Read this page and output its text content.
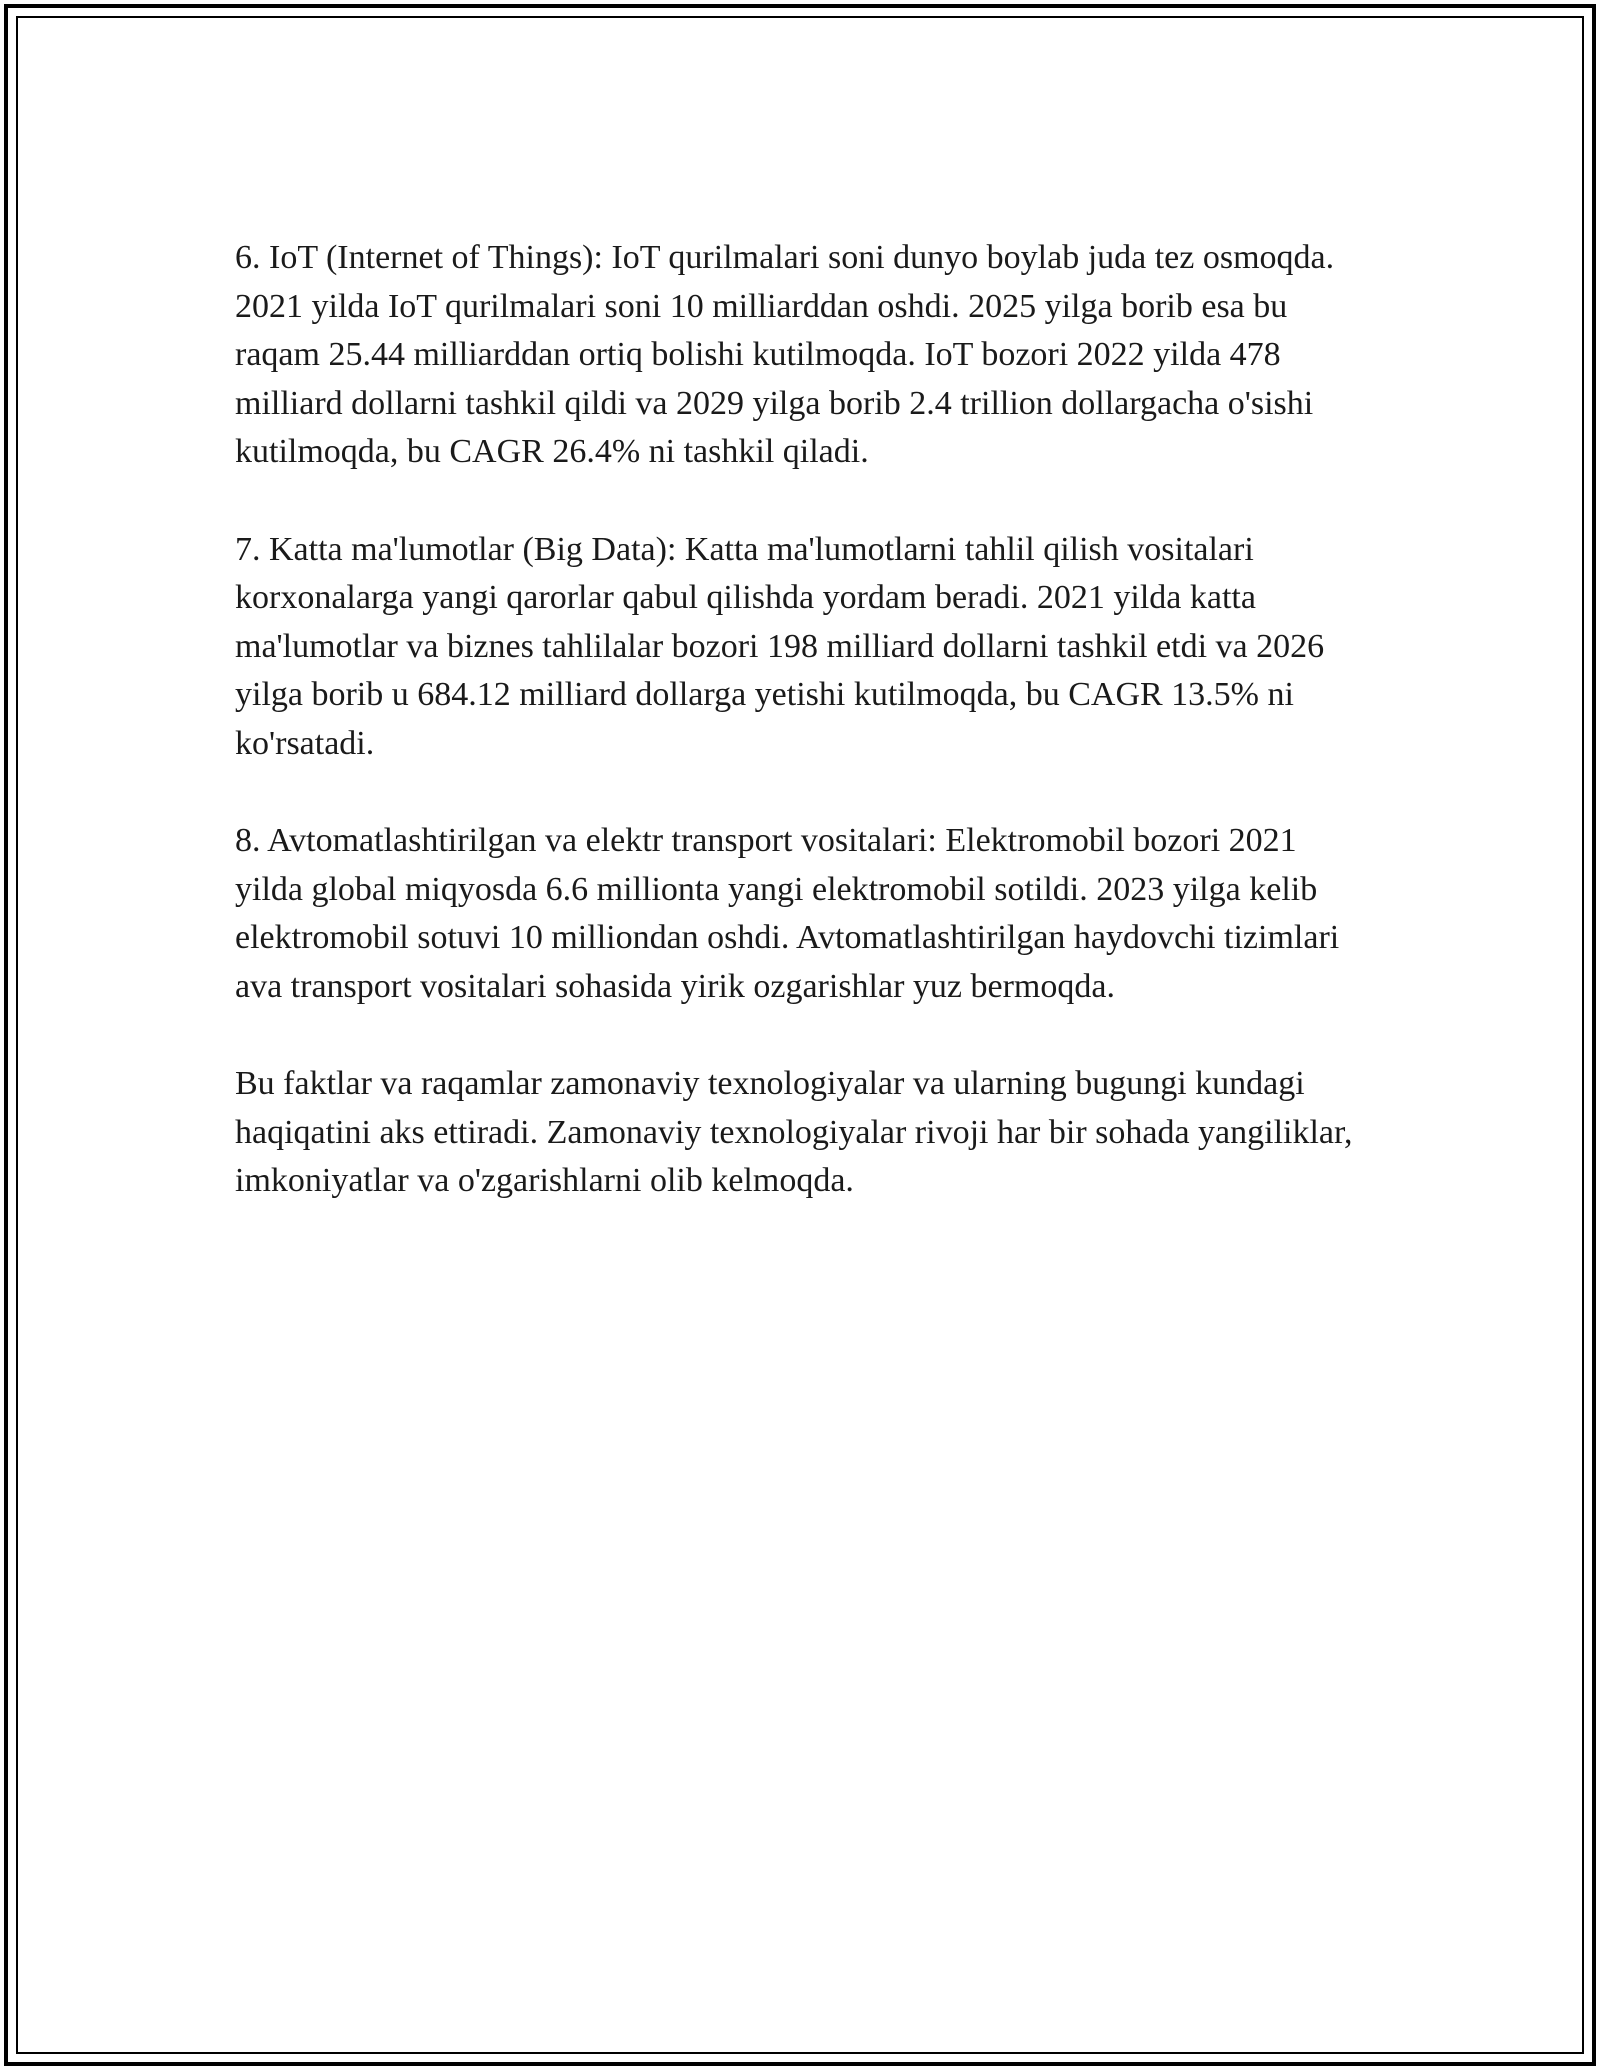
6. IoT (Internet of Things): IoT qurilmalari soni dunyo boylab juda tez osmoqda. 2021 yilda IoT qurilmalari soni 10 milliarddan oshdi. 2025 yilga borib esa bu raqam 25.44 milliarddan ortiq bolishi kutilmoqda. IoT bozori 2022 yilda 478 milliard dollarni tashkil qildi va 2029 yilga borib 2.4 trillion dollargacha o'sishi kutilmoqda, bu CAGR 26.4% ni tashkil qiladi.

7. Katta ma'lumotlar (Big Data): Katta ma'lumotlarni tahlil qilish vositalari korxonalarga yangi qarorlar qabul qilishda yordam beradi. 2021 yilda katta ma'lumotlar va biznes tahlilalar bozori 198 milliard dollarni tashkil etdi va 2026 yilga borib u 684.12 milliard dollarga yetishi kutilmoqda, bu CAGR 13.5% ni ko'rsatadi.

8. Avtomatlashtirilgan va elektr transport vositalari: Elektromobil bozori 2021 yilda global miqyosda 6.6 millionta yangi elektromobil sotildi. 2023 yilga kelib elektromobil sotuvi 10 milliondan oshdi. Avtomatlashtirilgan haydovchi tizimlari ava transport vositalari sohasida yirik ozgarishlar yuz bermoqda.

Bu faktlar va raqamlar zamonaviy texnologiyalar va ularning bugungi kundagi haqiqatini aks ettiradi. Zamonaviy texnologiyalar rivoji har bir sohada yangiliklar, imkoniyatlar va o'zgarishlarni olib kelmoqda.
